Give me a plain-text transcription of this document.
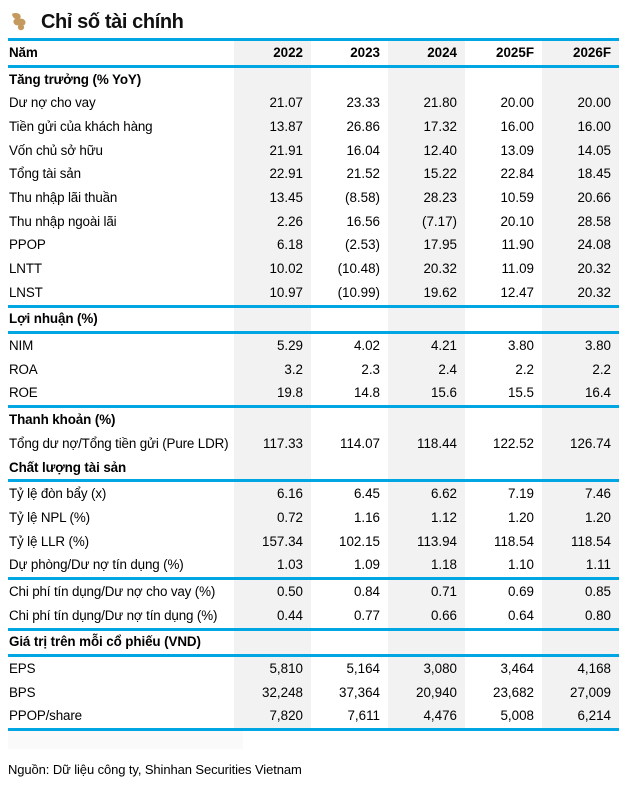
Chỉ số tài chính
Năm	2022	2023	2024	2025F	2026F
Tăng trưởng (% YoY)					
Dư nợ cho vay	21.07	23.33	21.80	20.00	20.00
Tiền gửi của khách hàng	13.87	26.86	17.32	16.00	16.00
Vốn chủ sở hữu	21.91	16.04	12.40	13.09	14.05
Tổng tài sản	22.91	21.52	15.22	22.84	18.45
Thu nhập lãi thuần	13.45	(8.58)	28.23	10.59	20.66
Thu nhập ngoài lãi	2.26	16.56	(7.17)	20.10	28.58
PPOP	6.18	(2.53)	17.95	11.90	24.08
LNTT	10.02	(10.48)	20.32	11.09	20.32
LNST	10.97	(10.99)	19.62	12.47	20.32
Lợi nhuận (%)					
NIM	5.29	4.02	4.21	3.80	3.80
ROA	3.2	2.3	2.4	2.2	2.2
ROE	19.8	14.8	15.6	15.5	16.4
Thanh khoản (%)					
Tổng dư nợ/Tổng tiền gửi (Pure LDR)	117.33	114.07	118.44	122.52	126.74
Chất lượng tài sản					
Tỷ lệ đòn bẩy (x)	6.16	6.45	6.62	7.19	7.46
Tỷ lệ NPL (%)	0.72	1.16	1.12	1.20	1.20
Tỷ lệ LLR (%)	157.34	102.15	113.94	118.54	118.54
Dự phòng/Dư nợ tín dụng (%)	1.03	1.09	1.18	1.10	1.11
Chi phí tín dụng/Dư nợ cho vay (%)	0.50	0.84	0.71	0.69	0.85
Chi phí tín dụng/Dư nợ tín dụng (%)	0.44	0.77	0.66	0.64	0.80
Giá trị trên mỗi cổ phiếu (VND)					
EPS	5,810	5,164	3,080	3,464	4,168
BPS	32,248	37,364	20,940	23,682	27,009
PPOP/share	7,820	7,611	4,476	5,008	6,214

Nguồn: Dữ liệu công ty, Shinhan Securities Vietnam
